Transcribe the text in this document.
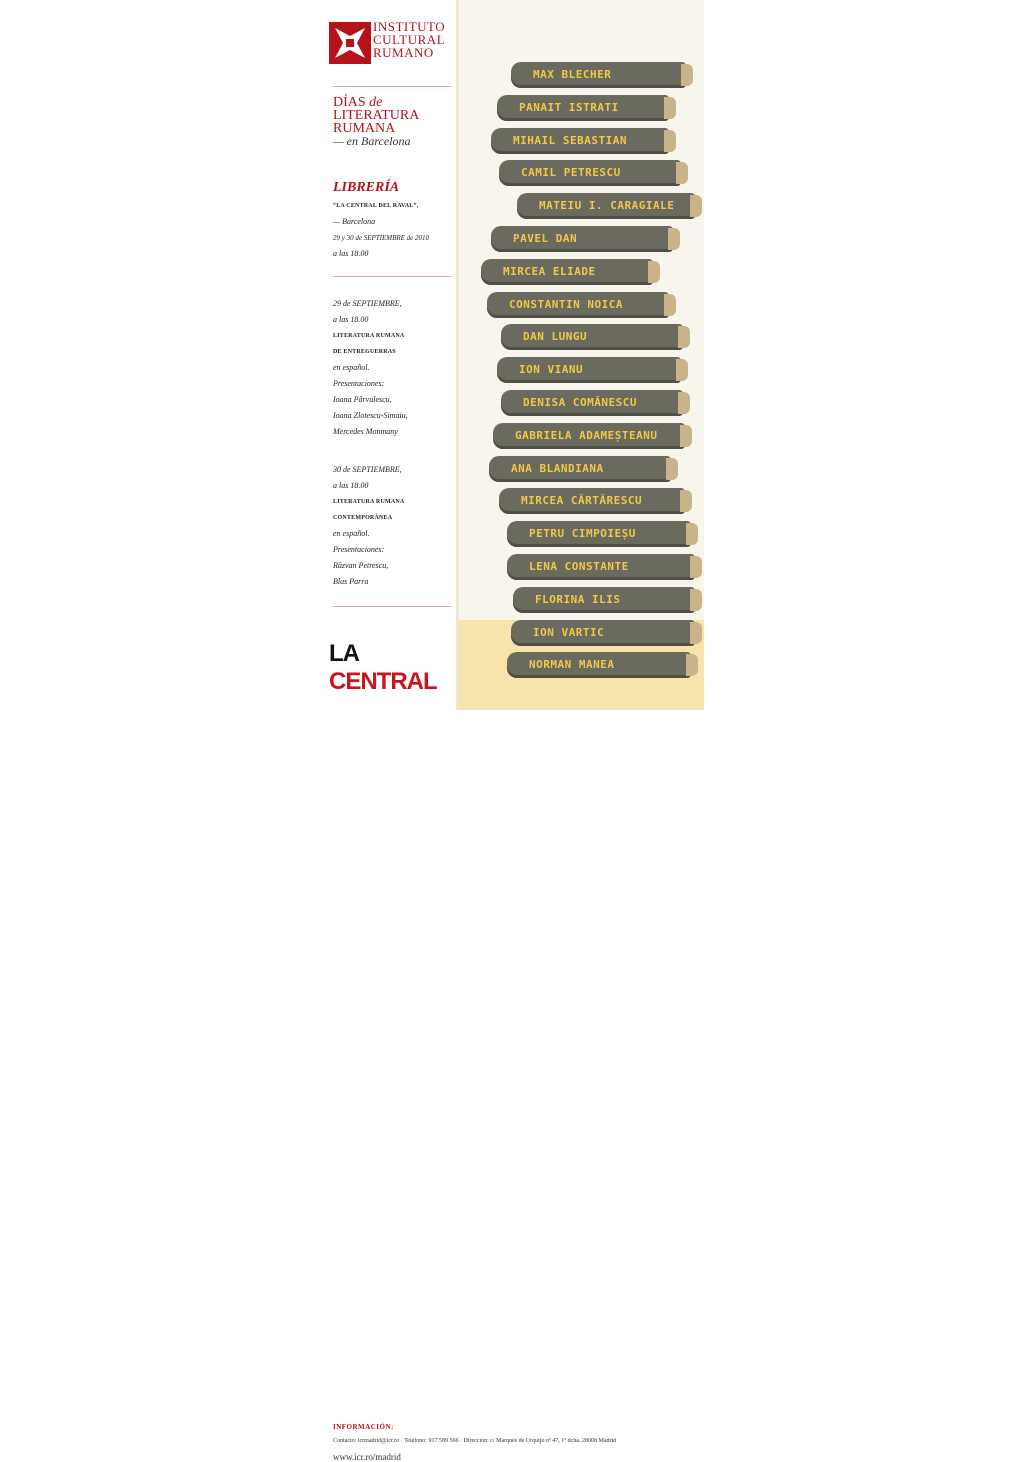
INSTITUTO
CULTURAL
RUMANO
DÍAS de
LITERATURA
RUMANA
— en Barcelona
LIBRERÍA
“LA CENTRAL DEL RAVAL”,
— Barcelona
29 y 30 de SEPTIEMBRE de 2010
a las 18.00
29 de SEPTIEMBRE,
a las 18.00
LITERATURA RUMANA
DE ENTREGUERRAS
en español.
Presentaciones:
Ioana Pârvulescu,
Ioana Zlotescu-Simaiu,
Mercedes Monmany
30 de SEPTIEMBRE,
a las 18.00
LITERATURA RUMANA
CONTEMPORÁNEA
en español.
Presentaciones:
Răzvan Petrescu,
Blas Parra
LA CENTRAL
MAX BLECHER
PANAIT ISTRATI
MIHAIL SEBASTIAN
CAMIL PETRESCU
MATEIU I. CARAGIALE
PAVEL DAN
MIRCEA ELIADE
CONSTANTIN NOICA
DAN LUNGU
ION VIANU
DENISA COMĂNESCU
GABRIELA ADAMEȘTEANU
ANA BLANDIANA
MIRCEA CĂRTĂRESCU
PETRU CIMPOIEȘU
LENA CONSTANTE
FLORINA ILIS
ION VARTIC
NORMAN MANEA
INFORMACIÓN:
Contacto: icrmadrid@icr.ro · Teléfono: 917 589 566 · Dirección: c/ Marqués de Urquijo nº 47, 1º dcha. 28008 Madrid
www.icr.ro/madrid
